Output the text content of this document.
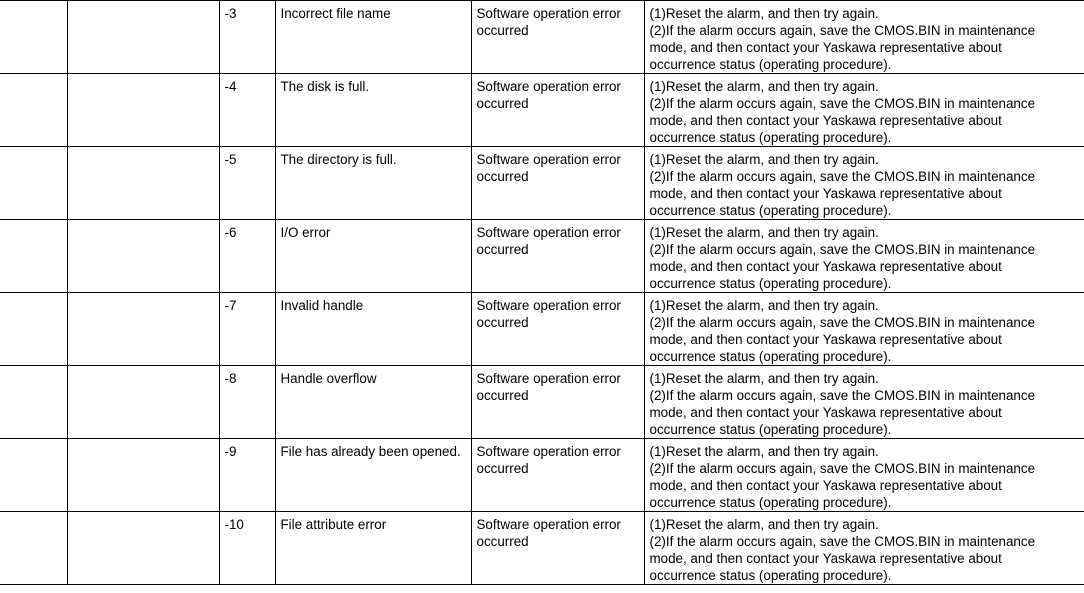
		-3	Incorrect file name	Software operation error occurred	(1)Reset the alarm, and then try again.
(2)If the alarm occurs again, save the CMOS.BIN in maintenance
mode, and then contact your Yaskawa representative about
occurrence status (operating procedure).

		-4	The disk is full.	Software operation error occurred	(1)Reset the alarm, and then try again.
(2)If the alarm occurs again, save the CMOS.BIN in maintenance
mode, and then contact your Yaskawa representative about
occurrence status (operating procedure).

		-5	The directory is full.	Software operation error occurred	(1)Reset the alarm, and then try again.
(2)If the alarm occurs again, save the CMOS.BIN in maintenance
mode, and then contact your Yaskawa representative about
occurrence status (operating procedure).

		-6	I/O error	Software operation error occurred	(1)Reset the alarm, and then try again.
(2)If the alarm occurs again, save the CMOS.BIN in maintenance
mode, and then contact your Yaskawa representative about
occurrence status (operating procedure).

		-7	Invalid handle	Software operation error occurred	(1)Reset the alarm, and then try again.
(2)If the alarm occurs again, save the CMOS.BIN in maintenance
mode, and then contact your Yaskawa representative about
occurrence status (operating procedure).

		-8	Handle overflow	Software operation error occurred	(1)Reset the alarm, and then try again.
(2)If the alarm occurs again, save the CMOS.BIN in maintenance
mode, and then contact your Yaskawa representative about
occurrence status (operating procedure).

		-9	File has already been opened.	Software operation error occurred	(1)Reset the alarm, and then try again.
(2)If the alarm occurs again, save the CMOS.BIN in maintenance
mode, and then contact your Yaskawa representative about
occurrence status (operating procedure).

		-10	File attribute error	Software operation error occurred	(1)Reset the alarm, and then try again.
(2)If the alarm occurs again, save the CMOS.BIN in maintenance
mode, and then contact your Yaskawa representative about
occurrence status (operating procedure).
